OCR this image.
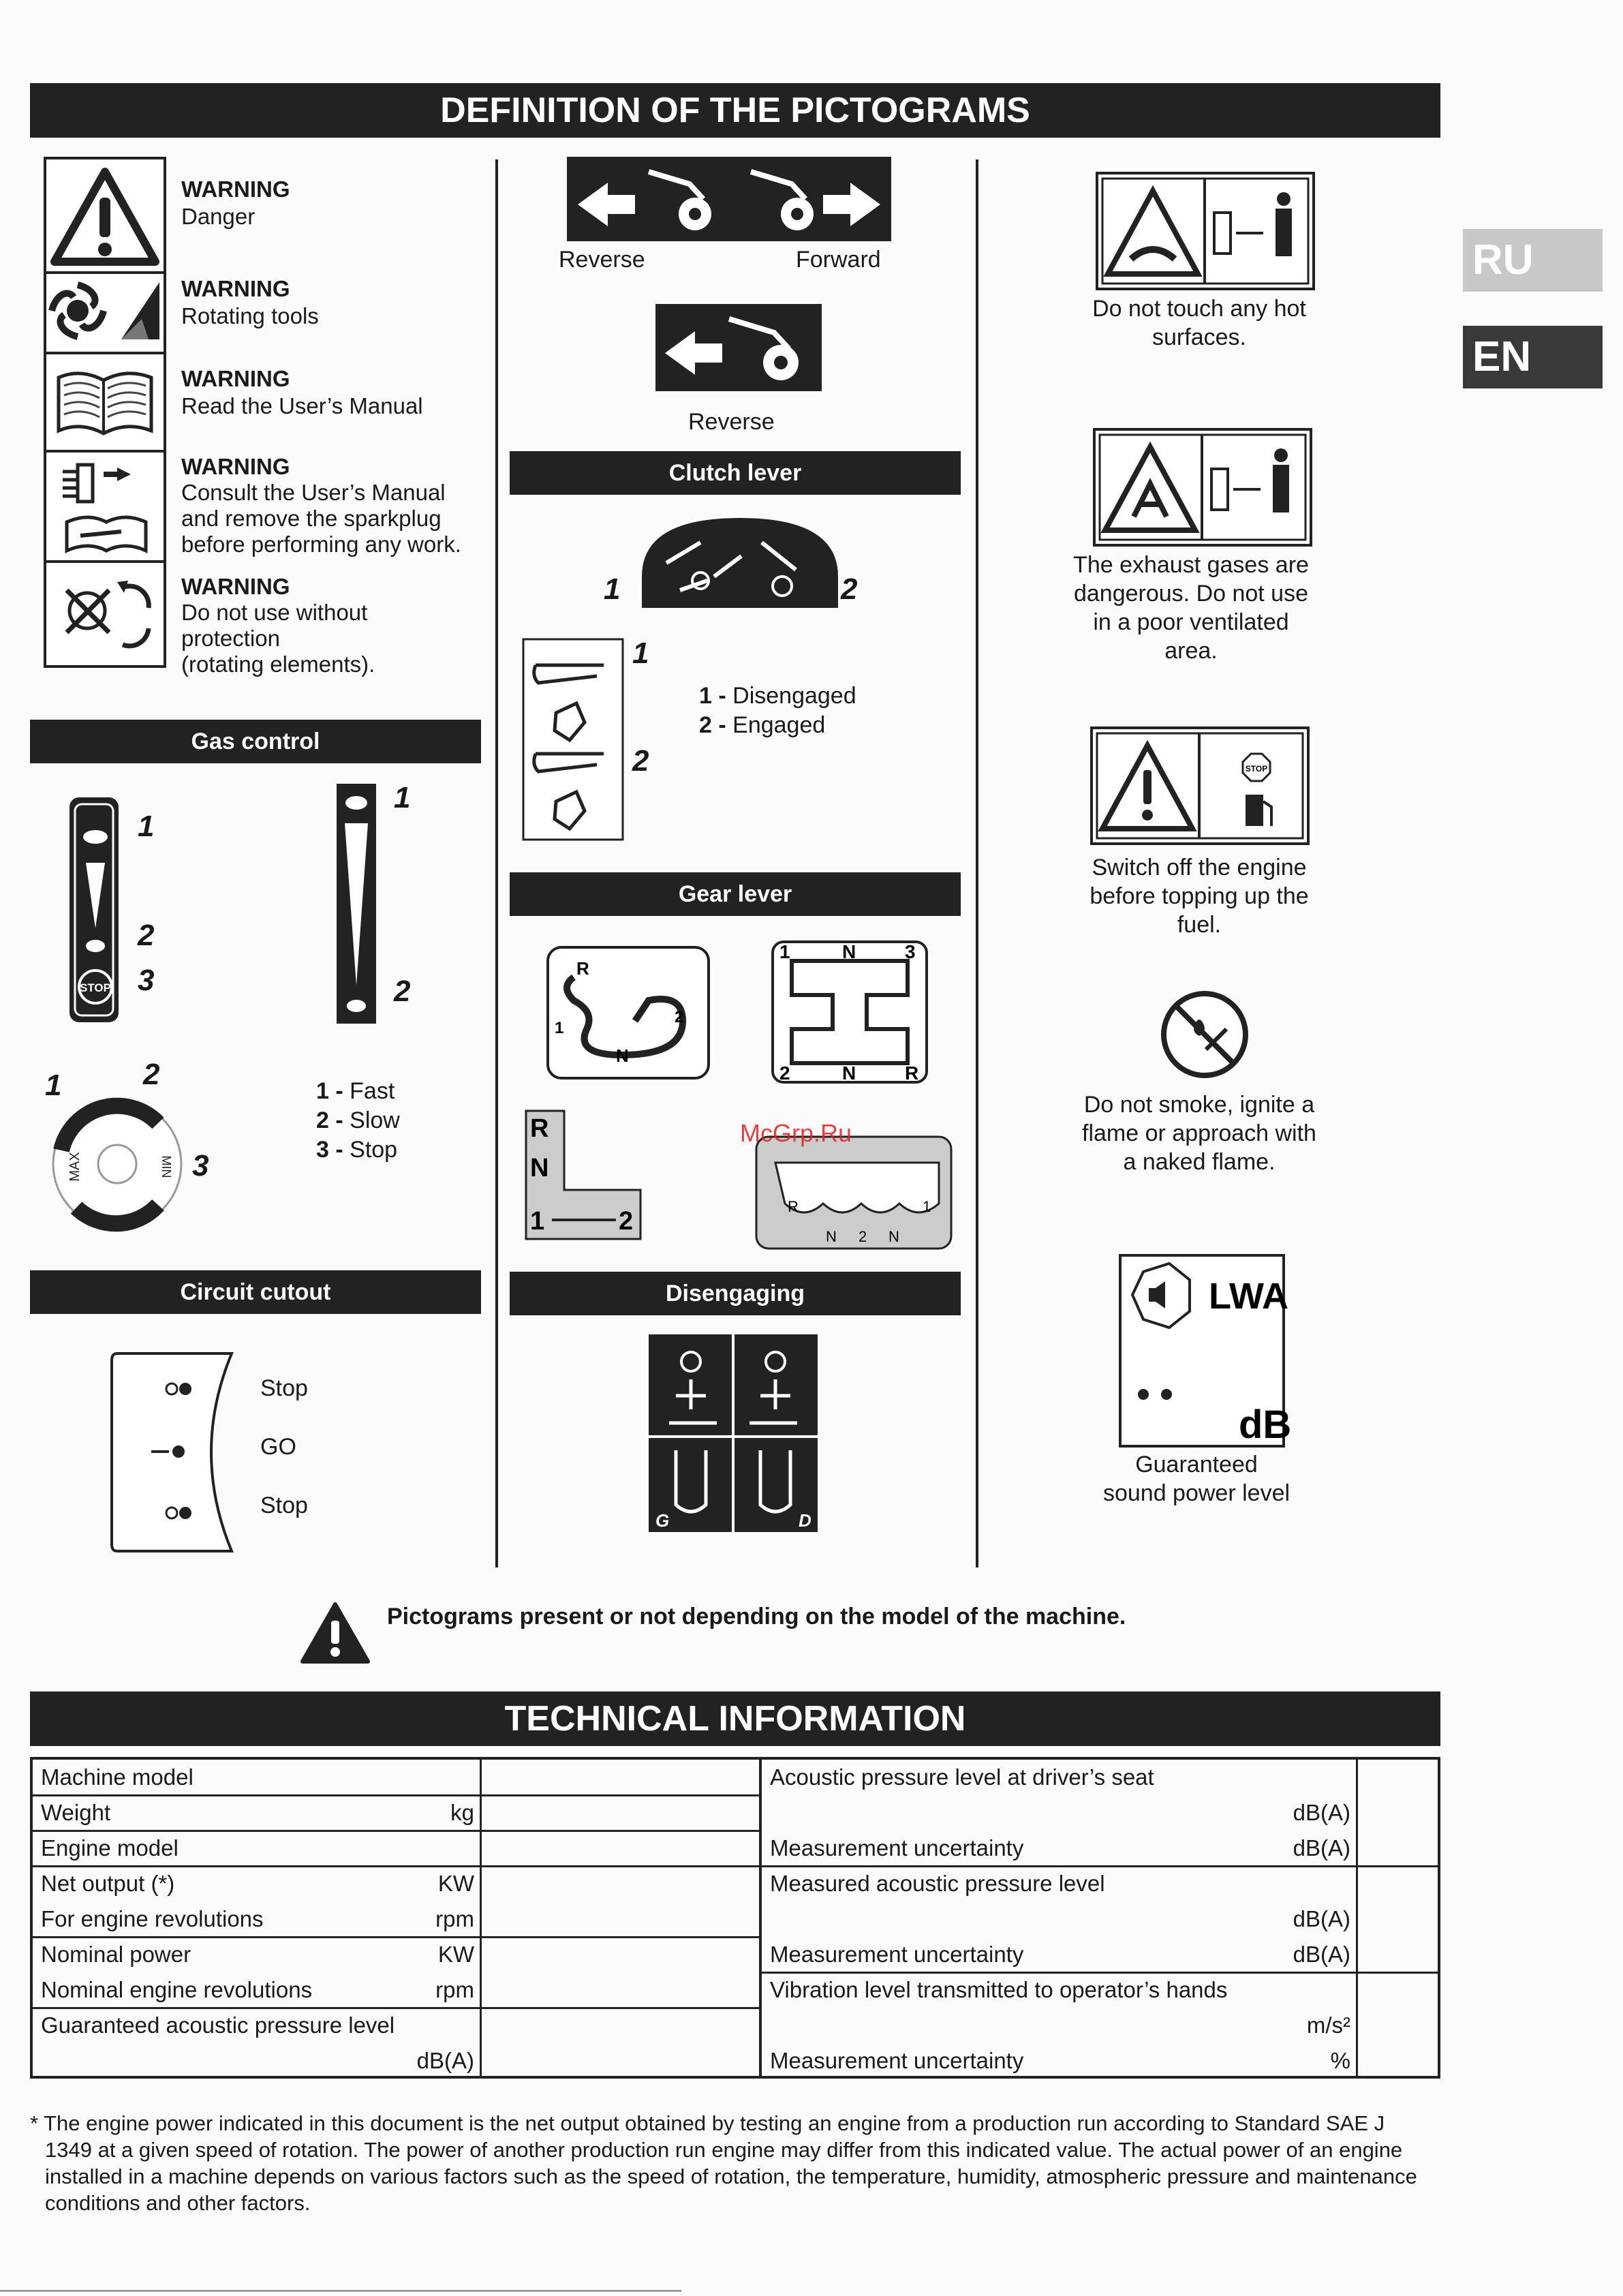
DEFINITION OF THE PICTOGRAMS
RU
EN
WARNING
Danger
WARNING
Rotating tools
WARNING
Read the User’s Manual
WARNING
Consult the User’s Manual
and remove the sparkplug
before performing any work.
WARNING
Do not use without
protection
(rotating elements).
Gas control
STOP
1
2
3
1
2
MAX	MIN
1	2
3
1 - Fast
2 - Slow
3 - Stop
Circuit cutout
Stop
GO
Stop
Reverse	Forward
Reverse
Clutch lever
1	2
1
2
1 - Disengaged
2 - Engaged
Gear lever
R
N
1
2
1	N	3
2	N	R
R
N
1	2
R	1
N 2 N
McGrp.Ru
Disengaging
G	D
Do not touch any hot
surfaces.
The exhaust gases are
dangerous. Do not use
in a poor ventilated
area.
STOP
Switch off the engine
before topping up the
fuel.
Do not smoke, ignite a
flame or approach with
a naked flame.
LWA
dB
Guaranteed
sound power level
Pictograms present or not depending on the model of the machine.
TECHNICAL INFORMATION
Machine model
Weight	kg
Engine model
Net output (*)	KW
For engine revolutions	rpm
Nominal power	KW
Nominal engine revolutions	rpm
Guaranteed acoustic pressure level
dB(A)
Acoustic pressure level at driver’s seat
dB(A)
Measurement uncertainty	dB(A)
Measured acoustic pressure level
dB(A)
Measurement uncertainty	dB(A)
Vibration level transmitted to operator’s hands
m/s²
Measurement uncertainty	%
* The engine power indicated in this document is the net output obtained by testing an engine from a production run according to Standard SAE J
1349 at a given speed of rotation. The power of another production run engine may differ from this indicated value. The actual power of an engine
installed in a machine depends on various factors such as the speed of rotation, the temperature, humidity, atmospheric pressure and maintenance
conditions and other factors.
